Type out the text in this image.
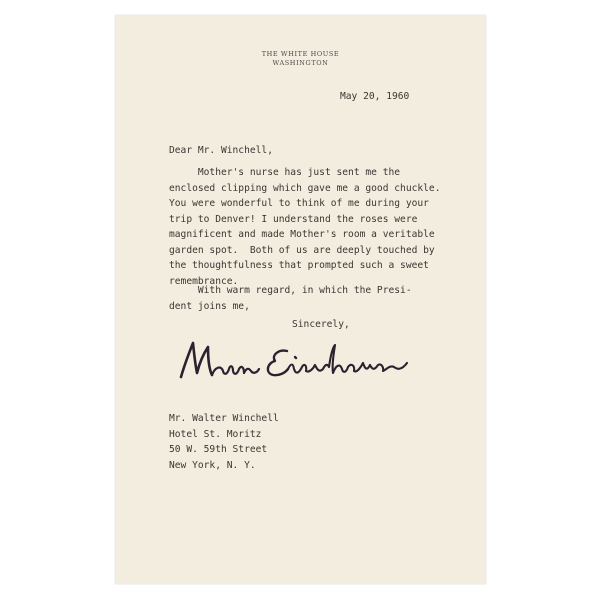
THE WHITE HOUSE
WASHINGTON
May 20, 1960
Dear Mr. Winchell,
Mother's nurse has just sent me the
enclosed clipping which gave me a good chuckle.
You were wonderful to think of me during your
trip to Denver! I understand the roses were
magnificent and made Mother's room a veritable
garden spot.  Both of us are deeply touched by
the thoughtfulness that prompted such a sweet
remembrance.
With warm regard, in which the Presi-
dent joins me,
Sincerely,
Mr. Walter Winchell
Hotel St. Moritz
50 W. 59th Street
New York, N. Y.
